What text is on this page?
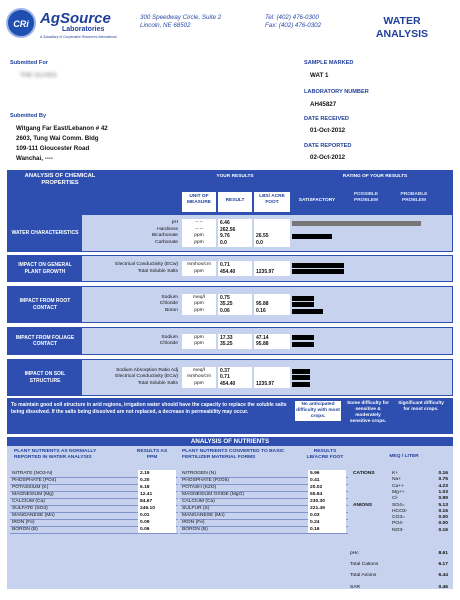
CRi AgSource
Laboratories
A Subsidiary of Cooperative Resources International
300 Speedway Circle, Suite 2
Lincoln, NE 68502
Tel: (402) 476-0300
Fax: (402) 476-0302	WATER
ANALYSIS
Submitted For
THE OLIVES
Submitted By
Witgang Far East/Lebanon # 42
2603, Tung Wai Comm. Bldg
109-111 Gloucester Road
Wanchai, ----
SAMPLE MARKED
WAT 1
LABORATORY NUMBER
AH45827
DATE RECEIVED
01-Oct-2012
DATE REPORTED
02-Oct-2012
ANALYSIS OF CHEMICAL PROPERTIES
YOUR RESULTS	RATING OF YOUR RESULTS
UNIT OF MEASURE	RESULT
LBS/ ACRE FOOT	SATISFACTORY
POSSIBLE PROBLEM
PROBABLE PROBLEM
WATER CHARACTERISTICS
pH	-- --	6.46
Hardness	-- --	262.56
Bicarbonate	ppm	9.76	26.55
Carbonate	ppm	0.0	0.0
IMPACT ON GENERAL PLANT GROWTH
Electrical Conductivity (ECw)	mmhos/cm	0.71
Total Soluble Salts	ppm	454.40	1235.97
IMPACT FROM ROOT CONTACT
Sodium	meq/l	0.75
Chloride	ppm	35.25	95.88
Boron	ppm	0.06	0.16
IMPACT FROM FOLIAGE CONTACT
Sodium	ppm	17.33	47.14
Chloride	ppm	35.25	95.88
IMPACT ON SOIL STRUCTURE
Sodium Absorption Ratio Adj	meq/l	0.37
Electrical Conductivity (ECw)	mmhos/cm	0.71
Total Soluble Salts	ppm	454.40	1235.97
To maintain good soil structure in arid regions, irrigation water should have the capacity to replace the soluble salts being dissolved. If the salts being dissolved are not replaced, a decrease in permeability may occur.
No anticipated difficulty with most crops.
Some difficulty for sensitive & moderately sensitive crops.
Significant difficulty for most crops.
ANALYSIS OF NUTRIENTS
PLANT NUTRIENTS AS NORMALLY REPORTED IN WATER ANALYSIS
RESULTS AS PPM
PLANT NUTRIENTS CONVERTED TO BASIC FERTILIZER MATERIAL FORMS
RESULTS LB/ACRE FOOT	MEQ / LITER
CATIONS
ANIONS
NITRATE (NO3-N)	2.19
PHOSPHATE (PO4)	0.20
POTASSIUM (K)	6.18
MAGNESIUM (Mg)	12.41
CALCIUM (Ca)	84.67
SULFATE (SO4)	246.10
MANGANESE (Mn)	0.01
IRON (Fe)	0.09
BORON (B)	0.06
NITROGEN (N)	5.96
PHOSPHATE (P2O5)	0.41
POTASH (K2O)	20.02
MAGNESIUM OXIDE (MgO)	55.84
CALCIUM (Ca)	230.30
SULFUR (S)	221.49
MANGANESE (Mn)	0.03
IRON (Fe)	0.24
BORON (B)	0.16
K+	0.16
Na+	0.75
Ca++	4.23
Mg++	1.03
Cl-	0.99
SO4=	5.13
HCO3-	0.16
CO3=	0.00
PO4-	0.00
NO3-	0.16
pHc	8.61
Total Cations	6.17
Total Anions	6.44
SAR	0.46
